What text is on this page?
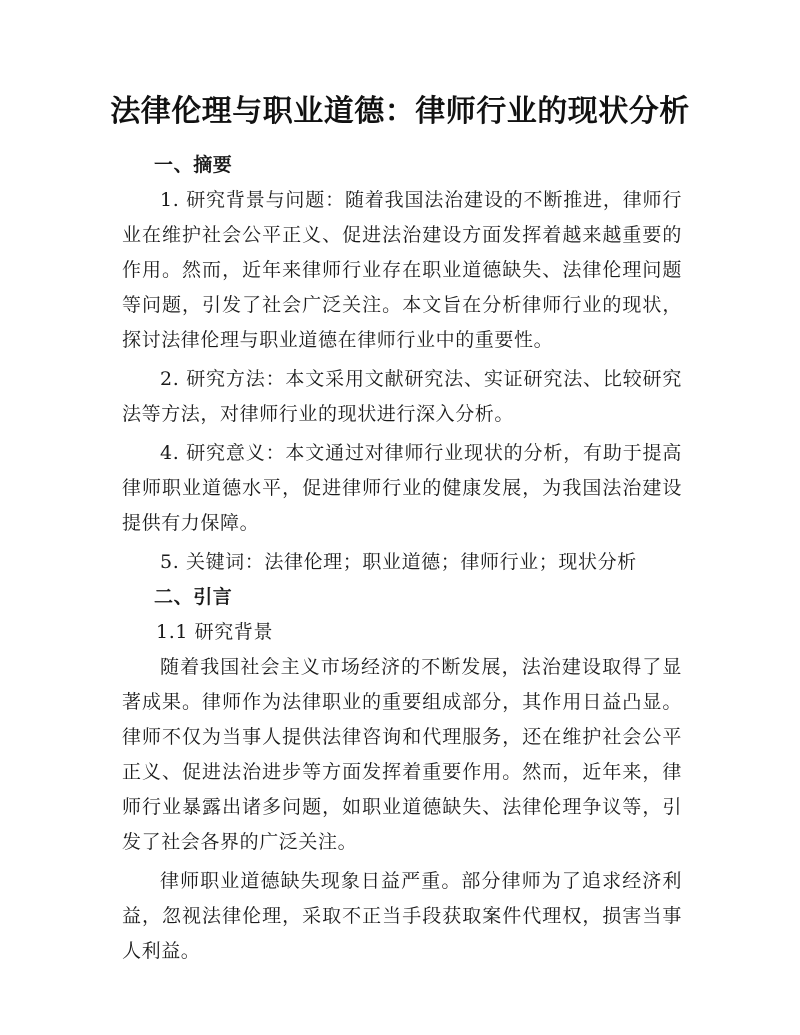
法律伦理与职业道德：律师行业的现状分析
一、摘要

1. 研究背景与问题：随着我国法治建设的不断推进，律师行业在维护社会公平正义、促进法治建设方面发挥着越来越重要的作用。然而，近年来律师行业存在职业道德缺失、法律伦理问题等问题，引发了社会广泛关注。本文旨在分析律师行业的现状，探讨法律伦理与职业道德在律师行业中的重要性。

2. 研究方法：本文采用文献研究法、实证研究法、比较研究法等方法，对律师行业的现状进行深入分析。

4. 研究意义：本文通过对律师行业现状的分析，有助于提高律师职业道德水平，促进律师行业的健康发展，为我国法治建设提供有力保障。

5. 关键词：法律伦理；职业道德；律师行业；现状分析

二、引言
1.1 研究背景

随着我国社会主义市场经济的不断发展，法治建设取得了显著成果。律师作为法律职业的重要组成部分，其作用日益凸显。律师不仅为当事人提供法律咨询和代理服务，还在维护社会公平正义、促进法治进步等方面发挥着重要作用。然而，近年来，律师行业暴露出诸多问题，如职业道德缺失、法律伦理争议等，引发了社会各界的广泛关注。

律师职业道德缺失现象日益严重。部分律师为了追求经济利益，忽视法律伦理，采取不正当手段获取案件代理权，损害当事人利益。
